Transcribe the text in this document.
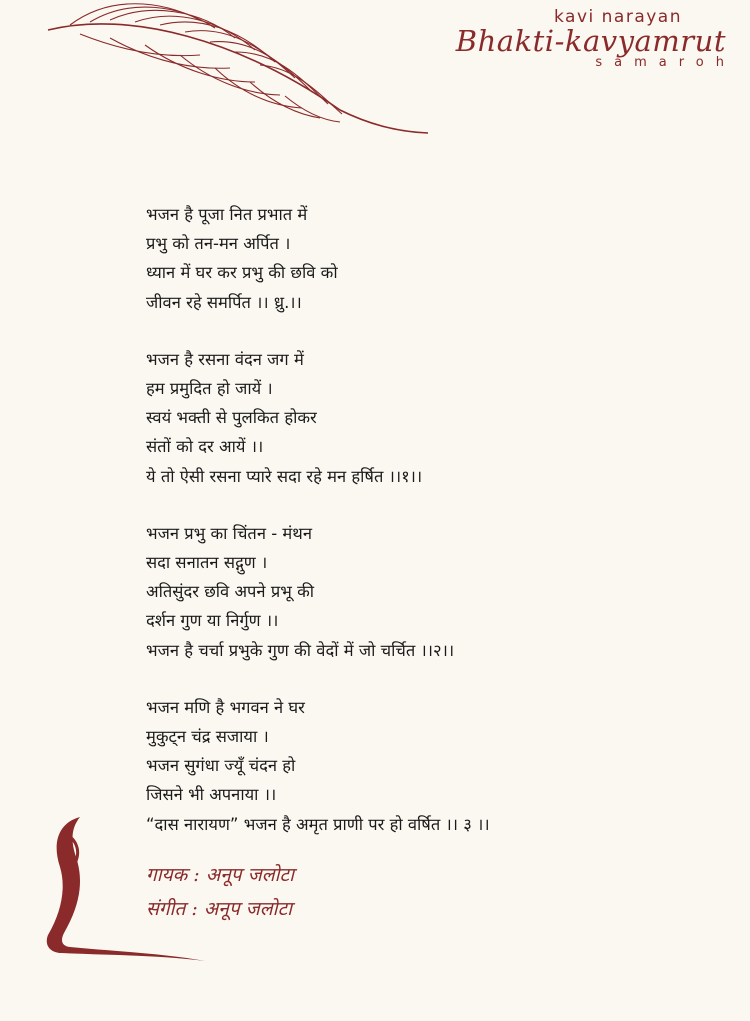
kavi narayan
Bhakti-kavyamrut
samaroh
भजन है पूजा नित प्रभात में
प्रभु को तन-मन अर्पित ।
ध्यान में घर कर प्रभु की छवि को
जीवन रहे समर्पित ।। ध्रु.।।
भजन है रसना वंदन जग में
हम प्रमुदित हो जायें ।
स्वयं भक्ती से पुलकित होकर
संतों को दर आयें ।।
ये तो ऐसी रसना प्यारे सदा रहे मन हर्षित ।।१।।
भजन प्रभु का चिंतन - मंथन
सदा सनातन सद्गुण ।
अतिसुंदर छवि अपने प्रभू की
दर्शन गुण या निर्गुण ।।
भजन है चर्चा प्रभुके गुण की वेदों में जो चर्चित ।।२।।
भजन मणि है भगवन ने घर
मुकुट्न चंद्र सजाया ।
भजन सुगंधा ज्यूँ चंदन हो
जिसने भी अपनाया ।।
“दास नारायण” भजन है अमृत प्राणी पर हो वर्षित ।। ३ ।।
गायक : अनूप जलोटा
संगीत : अनूप जलोटा
